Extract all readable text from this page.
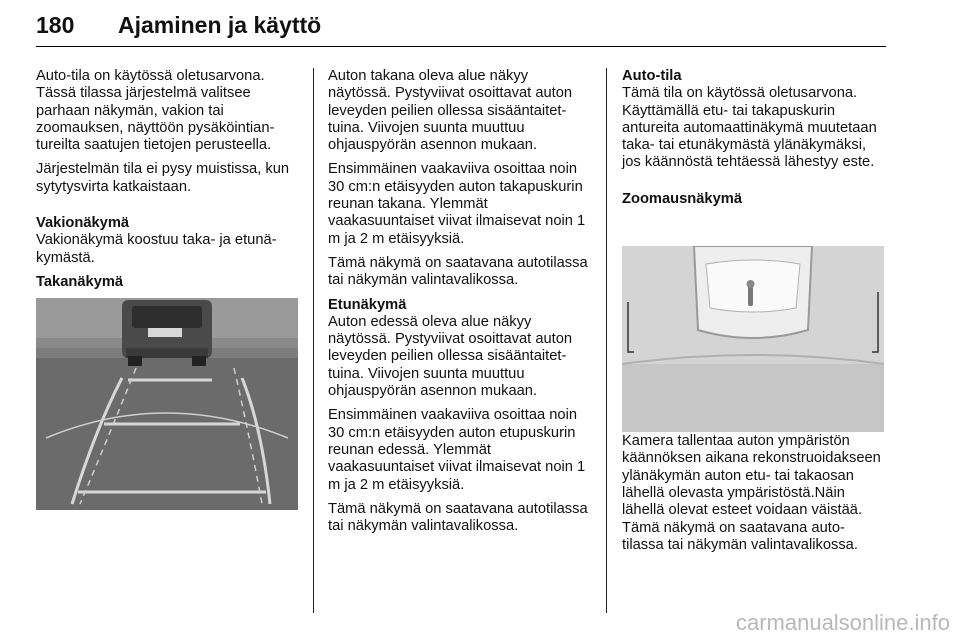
180 Ajaminen ja käyttö

Auto-tila on käytössä oletusarvona. Tässä tilassa järjestelmä valitsee parhaan näkymän, vakion tai zoomauksen, näyttöön pysäköintiantureilta saatujen tietojen perusteella.

Järjestelmän tila ei pysy muistissa, kun sytytysvirta katkaistaan.

Vakionäkymä

Vakionäkymä koostuu taka- ja etunäkymästä.

Takanäkymä

Auton takana oleva alue näkyy näytössä. Pystyviivat osoittavat auton leveyden peilien ollessa sisääntaitettuina. Viivojen suunta muuttuu ohjauspyörän asennon mukaan.

Ensimmäinen vaakaviiva osoittaa noin 30 cm:n etäisyyden auton takapuskurin reunan takana. Ylemmät vaakasuuntaiset viivat ilmaisevat noin 1 m ja 2 m etäisyyksiä.

Tämä näkymä on saatavana autotilassa tai näkymän valintavalikossa.

Etunäkymä

Auton edessä oleva alue näkyy näytössä. Pystyviivat osoittavat auton leveyden peilien ollessa sisääntaitettuina. Viivojen suunta muuttuu ohjauspyörän asennon mukaan.

Ensimmäinen vaakaviiva osoittaa noin 30 cm:n etäisyyden auton etupuskurin reunan edessä. Ylemmät vaakasuuntaiset viivat ilmaisevat noin 1 m ja 2 m etäisyyksiä.

Tämä näkymä on saatavana autotilassa tai näkymän valintavalikossa.

Auto-tila

Tämä tila on käytössä oletusarvona. Käyttämällä etu- tai takapuskurin antureita automaattinäkymä muutetaan taka- tai etunäkymästä ylänäkymäksi, jos käännöstä tehtäessä lähestyy este.

Zoomausnäkymä

Kamera tallentaa auton ympäristön käännöksen aikana rekonstruoidakseen ylänäkymän auton etu- tai takaosan lähellä olevasta ympäristöstä.Näin lähellä olevat esteet voidaan väistää. Tämä näkymä on saatavana auto-tilassa tai näkymän valintavalikossa.

carmanualsonline.info
